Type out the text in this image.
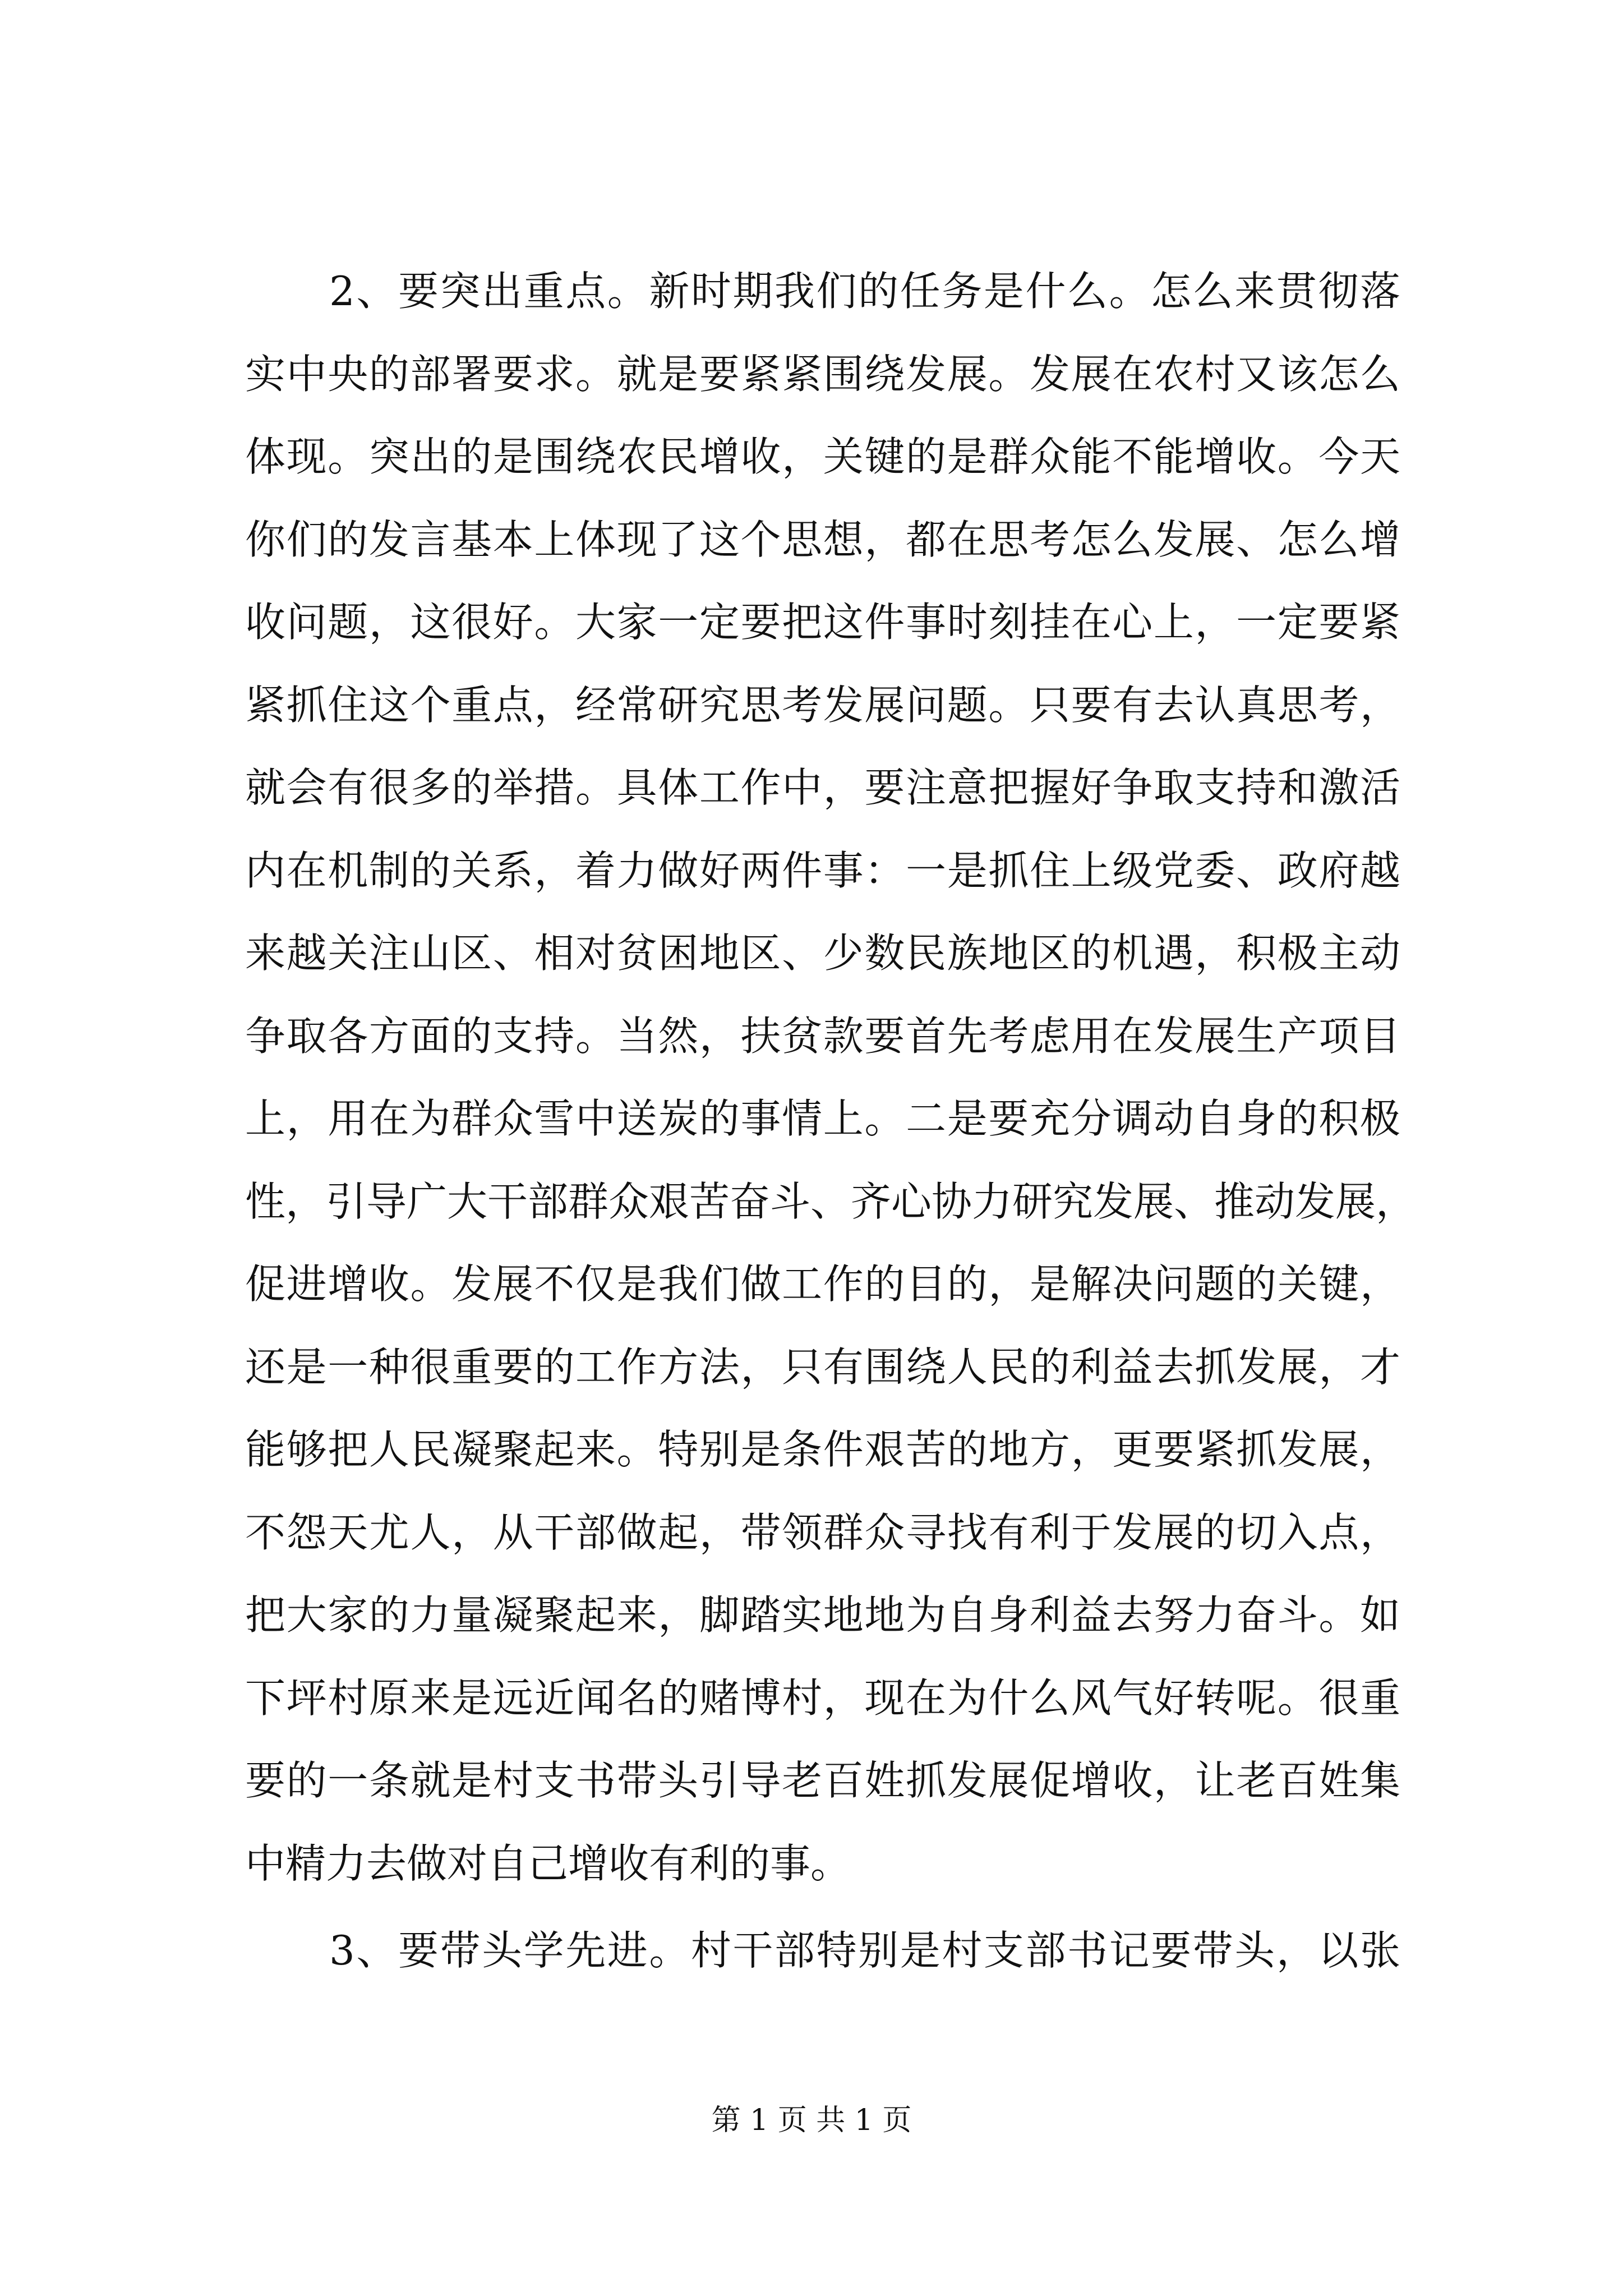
2、要突出重点。新时期我们的任务是什么。怎么来贯彻落
实中央的部署要求。就是要紧紧围绕发展。发展在农村又该怎么
体现。突出的是围绕农民增收，关键的是群众能不能增收。今天
你们的发言基本上体现了这个思想，都在思考怎么发展、怎么增
收问题，这很好。大家一定要把这件事时刻挂在心上，一定要紧
紧抓住这个重点，经常研究思考发展问题。只要有去认真思考，
就会有很多的举措。具体工作中，要注意把握好争取支持和激活
内在机制的关系，着力做好两件事：一是抓住上级党委、政府越
来越关注山区、相对贫困地区、少数民族地区的机遇，积极主动
争取各方面的支持。当然，扶贫款要首先考虑用在发展生产项目
上，用在为群众雪中送炭的事情上。二是要充分调动自身的积极
性，引导广大干部群众艰苦奋斗、齐心协力研究发展、推动发展，
促进增收。发展不仅是我们做工作的目的，是解决问题的关键，
还是一种很重要的工作方法，只有围绕人民的利益去抓发展，才
能够把人民凝聚起来。特别是条件艰苦的地方，更要紧抓发展，
不怨天尤人，从干部做起，带领群众寻找有利于发展的切入点，
把大家的力量凝聚起来，脚踏实地地为自身利益去努力奋斗。如
下坪村原来是远近闻名的赌博村，现在为什么风气好转呢。很重
要的一条就是村支书带头引导老百姓抓发展促增收，让老百姓集
中精力去做对自己增收有利的事。
3、要带头学先进。村干部特别是村支部书记要带头，以张
第 1 页 共 1 页
